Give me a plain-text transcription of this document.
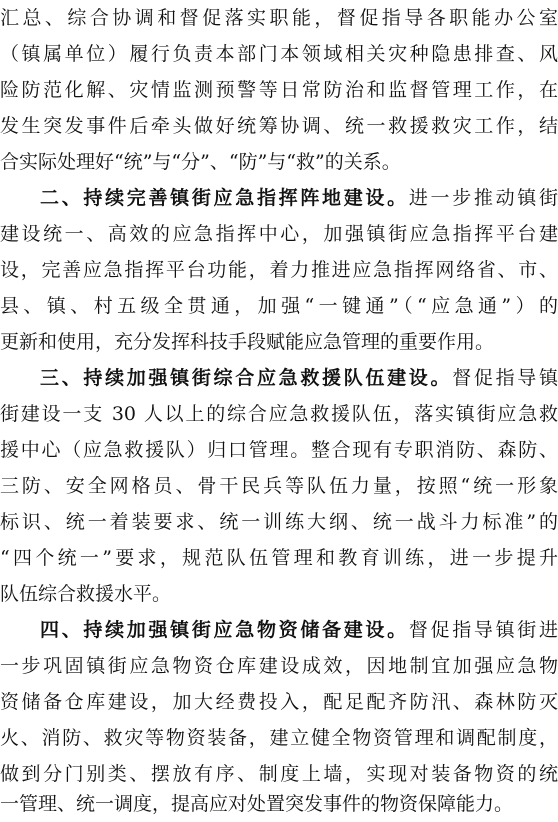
汇总、综合协调和督促落实职能，督促指导各职能办公室
（镇属单位）履行负责本部门本领域相关灾种隐患排查、风
险防范化解、灾情监测预警等日常防治和监督管理工作，在
发生突发事件后牵头做好统筹协调、统一救援救灾工作，结
合实际处理好“统”与“分”、“防”与“救”的关系。
二、持续完善镇街应急指挥阵地建设。进一步推动镇街
建设统一、高效的应急指挥中心，加强镇街应急指挥平台建
设，完善应急指挥平台功能，着力推进应急指挥网络省、市、
县、镇、村五级全贯通，加强“一键通”（“应急通”）的
更新和使用，充分发挥科技手段赋能应急管理的重要作用。
三、持续加强镇街综合应急救援队伍建设。督促指导镇
街建设一支 30 人以上的综合应急救援队伍，落实镇街应急救
援中心（应急救援队）归口管理。整合现有专职消防、森防、
三防、安全网格员、骨干民兵等队伍力量，按照“统一形象
标识、统一着装要求、统一训练大纲、统一战斗力标准”的
“四个统一”要求，规范队伍管理和教育训练，进一步提升
队伍综合救援水平。
四、持续加强镇街应急物资储备建设。督促指导镇街进
一步巩固镇街应急物资仓库建设成效，因地制宜加强应急物
资储备仓库建设，加大经费投入，配足配齐防汛、森林防灭
火、消防、救灾等物资装备，建立健全物资管理和调配制度，
做到分门别类、摆放有序、制度上墙，实现对装备物资的统
一管理、统一调度，提高应对处置突发事件的物资保障能力。
